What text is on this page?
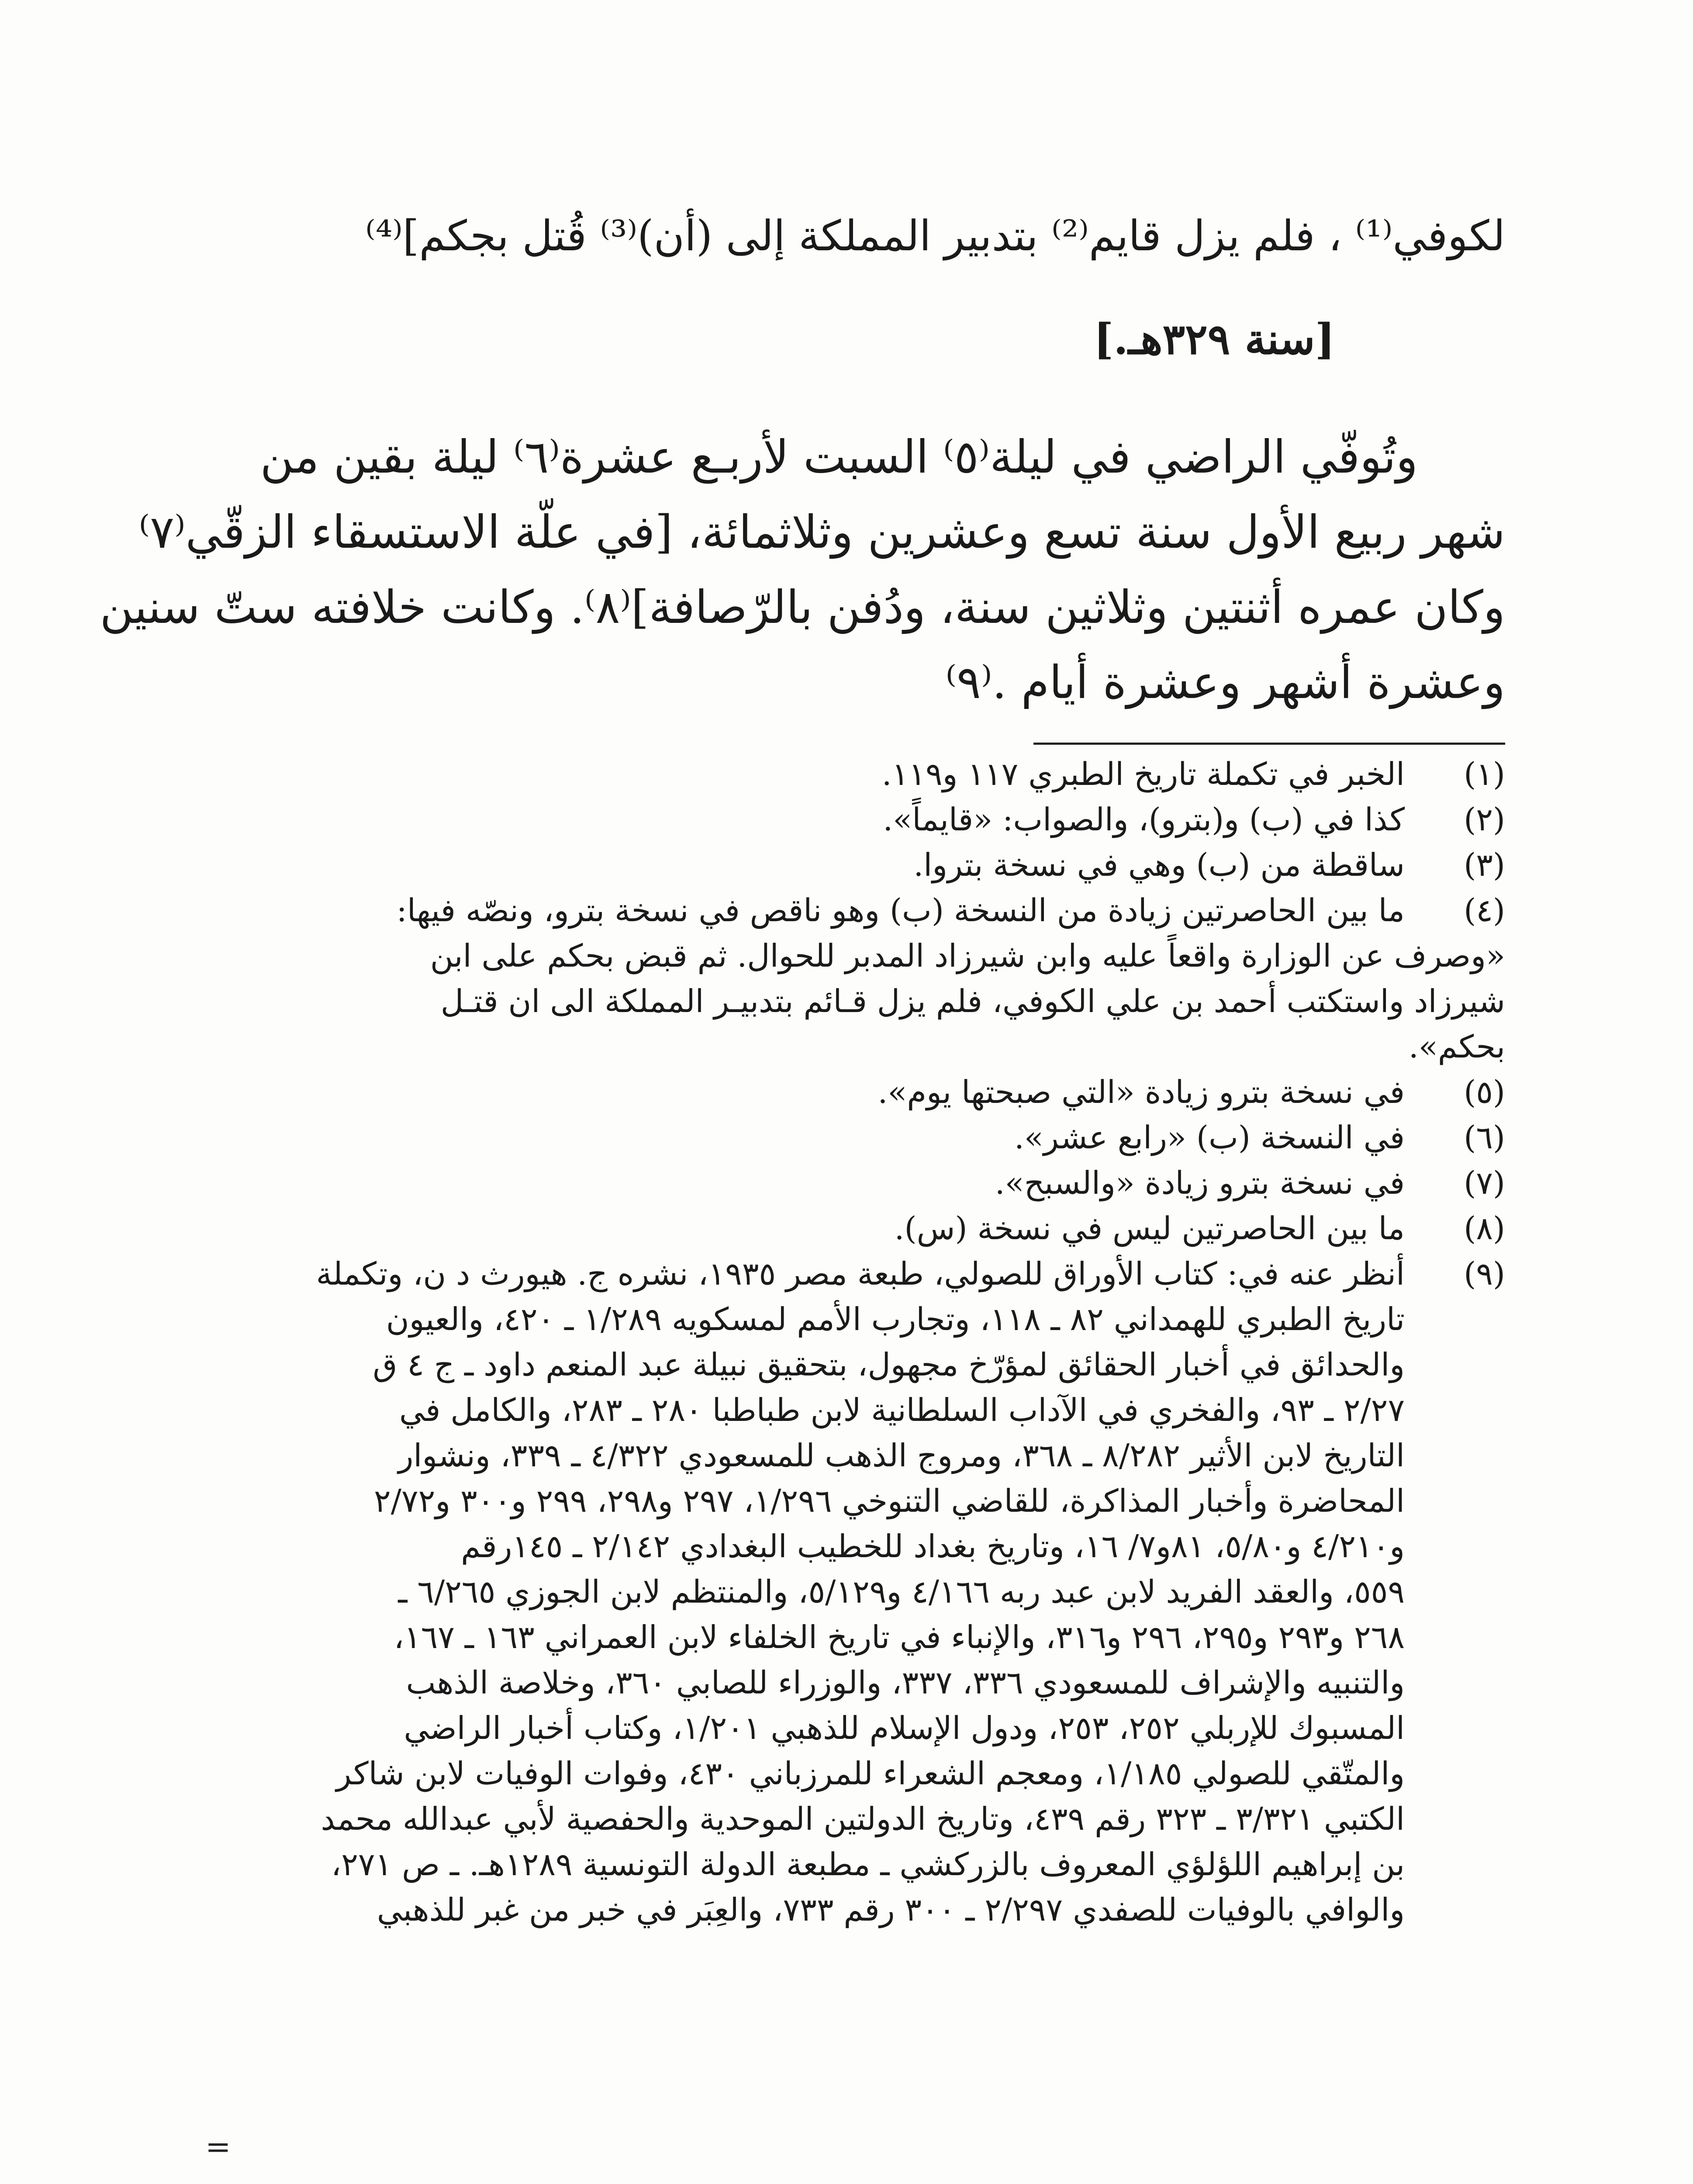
لكوفي⁽¹⁾ ، فلم يزل قايم⁽²⁾ بتدبير المملكة إلى (أن)⁽³⁾ قُتل بجكم]⁽⁴⁾
[سنة ٣٢٩هـ.]
وتُوفّي الراضي في ليلة⁽٥⁾ السبت لأربـع عشرة⁽٦⁾ ليلة بقين من
شهر ربيع الأول سنة تسع وعشرين وثلاثمائة، [في علّة الاستسقاء الزقّي⁽٧⁾
وكان عمره أثنتين وثلاثين سنة، ودُفن بالرّصافة]⁽٨⁾. وكانت خلافته ستّ سنين
وعشرة أشهر وعشرة أيام .⁽٩⁾
(١)
الخبر في تكملة تاريخ الطبري ١١٧ و١١٩.
(٢)
كذا في (ب) و(بترو)، والصواب: «قايماً».
(٣)
ساقطة من (ب) وهي في نسخة بتروا.
(٤)
ما بين الحاصرتين زيادة من النسخة (ب) وهو ناقص في نسخة بترو، ونصّه فيها:
«وصرف عن الوزارة واقعاً عليه وابن شيرزاد المدبر للحوال. ثم قبض بحكم على ابن
شيرزاد واستكتب أحمد بن علي الكوفي، فلم يزل قـائم بتدبيـر المملكة الى ان قتـل
بحكم».
(٥)
في نسخة بترو زيادة «التي صبحتها يوم».
(٦)
في النسخة (ب) «رابع عشر».
(٧)
في نسخة بترو زيادة «والسبح».
(٨)
ما بين الحاصرتين ليس في نسخة (س).
(٩)
أنظر عنه في: كتاب الأوراق للصولي، طبعة مصر ١٩٣٥، نشره ج. هيورث د ن، وتكملة
تاريخ الطبري للهمداني ٨٢ ـ ١١٨، وتجارب الأمم لمسكويه ١/٢٨٩ ـ ٤٢٠، والعيون
والحدائق في أخبار الحقائق لمؤرّخ مجهول، بتحقيق نبيلة عبد المنعم داود ـ ج ٤ ق
٢/٢٧ ـ ٩٣، والفخري في الآداب السلطانية لابن طباطبا ٢٨٠ ـ ٢٨٣، والكامل في
التاريخ لابن الأثير ٨/٢٨٢ ـ ٣٦٨، ومروج الذهب للمسعودي ٤/٣٢٢ ـ ٣٣٩، ونشوار
المحاضرة وأخبار المذاكرة، للقاضي التنوخي ١/٢٩٦، ٢٩٧ و٢٩٨، ٢٩٩ و٣٠٠ و٢/٧٢
و٤/٢١٠ و٥/٨٠، ٨١و٧/ ١٦، وتاريخ بغداد للخطيب البغدادي ٢/١٤٢ ـ ١٤٥رقم
٥٥٩، والعقد الفريد لابن عبد ربه ٤/١٦٦ و٥/١٢٩، والمنتظم لابن الجوزي ٦/٢٦٥ ـ
٢٦٨ و٢٩٣ و٢٩٥، ٢٩٦ و٣١٦، والإنباء في تاريخ الخلفاء لابن العمراني ١٦٣ ـ ١٦٧،
والتنبيه والإشراف للمسعودي ٣٣٦، ٣٣٧، والوزراء للصابي ٣٦٠، وخلاصة الذهب
المسبوك للإربلي ٢٥٢، ٢٥٣، ودول الإسلام للذهبي ١/٢٠١، وكتاب أخبار الراضي
والمتّقي للصولي ١/١٨٥، ومعجم الشعراء للمرزباني ٤٣٠، وفوات الوفيات لابن شاكر
الكتبي ٣/٣٢١ ـ ٣٢٣ رقم ٤٣٩، وتاريخ الدولتين الموحدية والحفصية لأبي عبدالله محمد
بن إبراهيم اللؤلؤي المعروف بالزركشي ـ مطبعة الدولة التونسية ١٢٨٩هـ. ـ ص ٢٧١،
والوافي بالوفيات للصفدي ٢/٢٩٧ ـ ٣٠٠ رقم ٧٣٣، والعِبَر في خبر من غبر للذهبي
=
